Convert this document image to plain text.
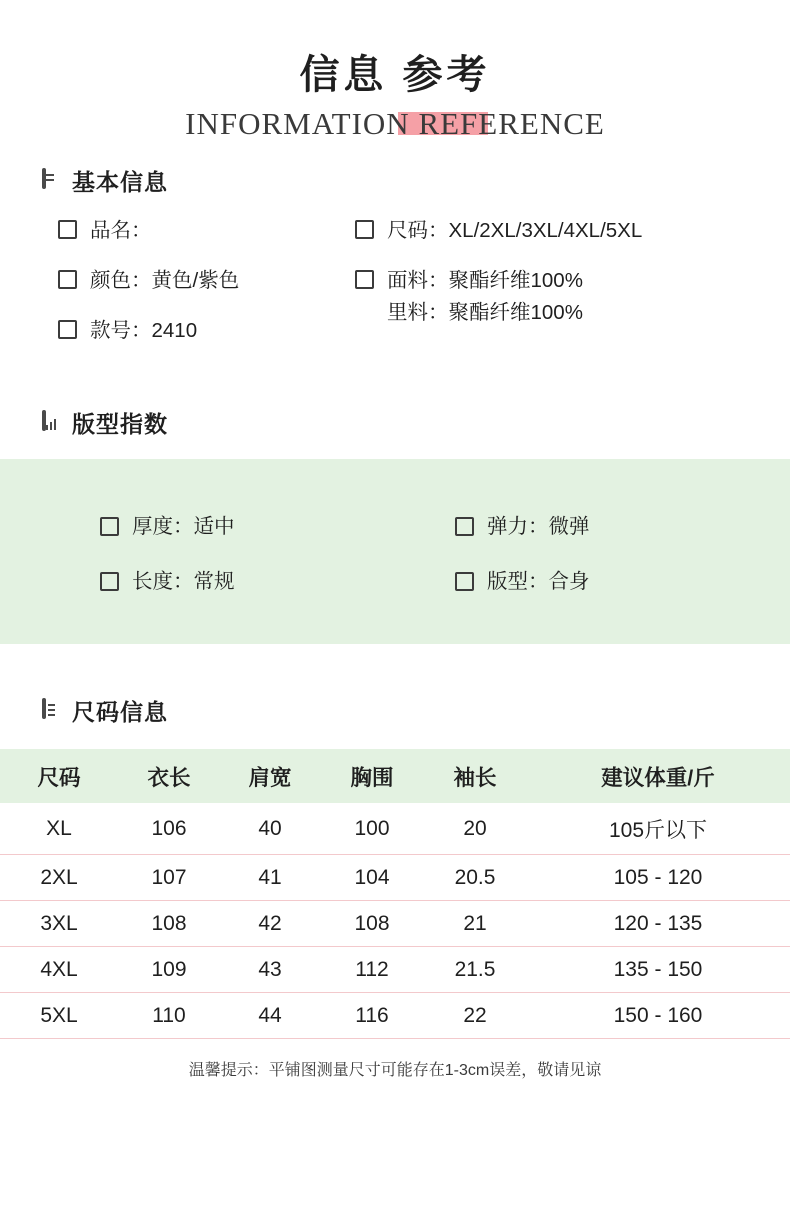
信息 参考
INFORMATION REFERENCE
基本信息
品名：
颜色：黄色/紫色
款号：2410
尺码：XL/2XL/3XL/4XL/5XL
面料：聚酯纤维100%
里料：聚酯纤维100%
版型指数
厚度：适中
长度：常规
弹力：微弹
版型：合身
尺码信息
尺码	衣长	肩宽	胸围	袖长	建议体重/斤
XL	106	40	100	20	105斤以下
2XL	107	41	104	20.5	105 - 120
3XL	108	42	108	21	120 - 135
4XL	109	43	112	21.5	135 - 150
5XL	110	44	116	22	150 - 160
温馨提示：平铺图测量尺寸可能存在1-3cm误差，敬请见谅
